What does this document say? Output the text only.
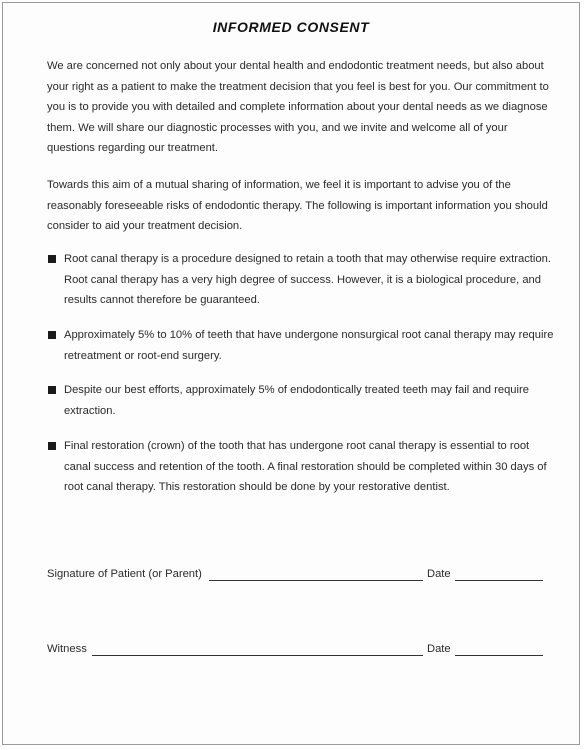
INFORMED CONSENT

We are concerned not only about your dental health and endodontic treatment needs, but also about your right as a patient to make the treatment decision that you feel is best for you. Our commitment to you is to provide you with detailed and complete information about your dental needs as we diagnose them. We will share our diagnostic processes with you, and we invite and welcome all of your questions regarding our treatment.

Towards this aim of a mutual sharing of information, we feel it is important to advise you of the reasonably foreseeable risks of endodontic therapy. The following is important information you should consider to aid your treatment decision.

Root canal therapy is a procedure designed to retain a tooth that may otherwise require extraction. Root canal therapy has a very high degree of success. However, it is a biological procedure, and results cannot therefore be guaranteed.
Approximately 5% to 10% of teeth that have undergone nonsurgical root canal therapy may require retreatment or root-end surgery.
Despite our best efforts, approximately 5% of endodontically treated teeth may fail and require extraction.
Final restoration (crown) of the tooth that has undergone root canal therapy is essential to root canal success and retention of the tooth. A final restoration should be completed within 30 days of root canal therapy. This restoration should be done by your restorative dentist.
Signature of Patient (or Parent)	Date
Witness	Date
